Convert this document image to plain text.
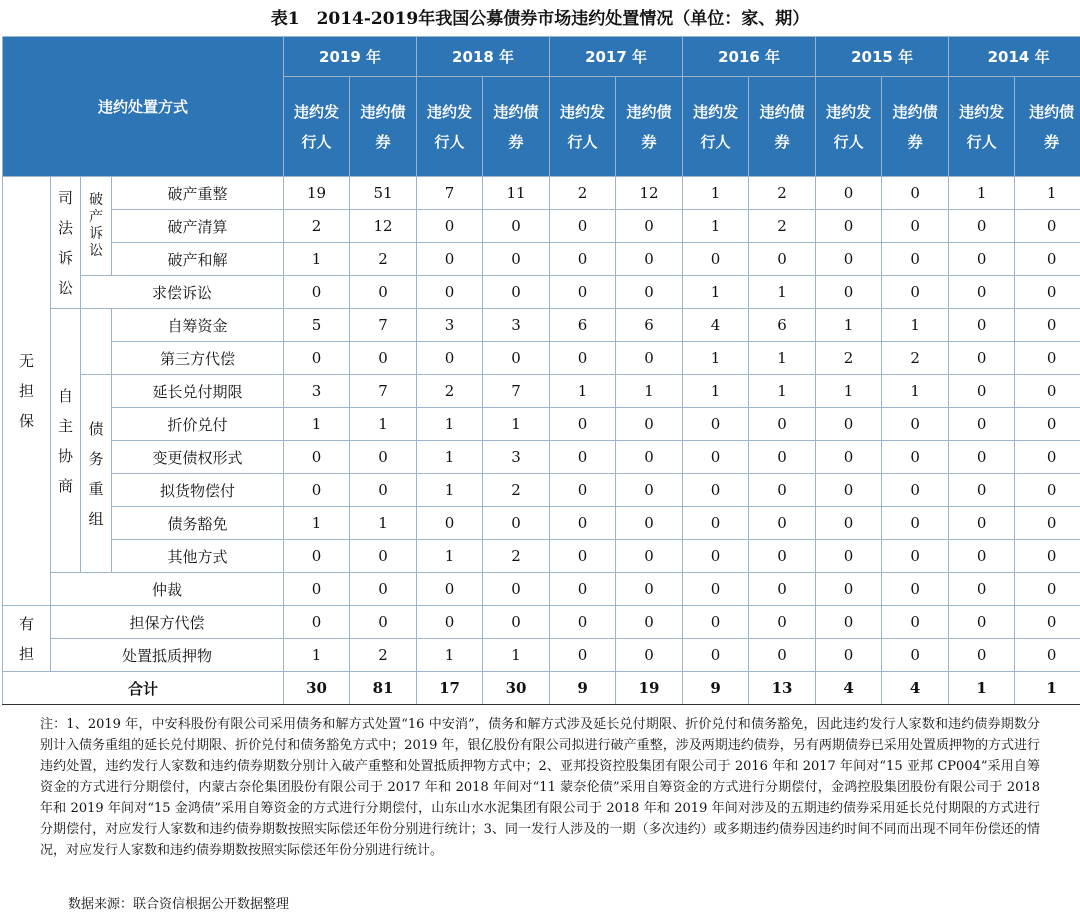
表1　2014-2019年我国公募债券市场违约处置情况（单位：家、期）
违约处置方式				2019 年		2018 年		2017 年		2016 年		2015 年		2014 年	
				违约发行人	违约债券	违约发行人	违约债券	违约发行人	违约债券	违约发行人	违约债券	违约发行人	违约债券	违约发行人	违约债券
无担保	司法诉讼	破产诉讼	破产重整	19	51	7	11	2	12	1	2	0	0	1	1
			破产清算	2	12	0	0	0	0	1	2	0	0	0	0
			破产和解	1	2	0	0	0	0	0	0	0	0	0	0
		求偿诉讼		0	0	0	0	0	0	1	1	0	0	0	0
	自主协商		自筹资金	5	7	3	3	6	6	4	6	1	1	0	0
			第三方代偿	0	0	0	0	0	0	1	1	2	2	0	0
		债务重组	延长兑付期限	3	7	2	7	1	1	1	1	1	1	0	0
			折价兑付	1	1	1	1	0	0	0	0	0	0	0	0
			变更债权形式	0	0	1	3	0	0	0	0	0	0	0	0
			拟货物偿付	0	0	1	2	0	0	0	0	0	0	0	0
			债务豁免	1	1	0	0	0	0	0	0	0	0	0	0
			其他方式	0	0	1	2	0	0	0	0	0	0	0	0
	仲裁			0	0	0	0	0	0	0	0	0	0	0	0
有担	担保方代偿			0	0	0	0	0	0	0	0	0	0	0	0
	处置抵质押物			1	2	1	1	0	0	0	0	0	0	0	0
合计				30	81	17	30	9	19	9	13	4	4	1	1
注：1、2019 年，中安科股份有限公司采用债务和解方式处置“16 中安消”，债务和解方式涉及延长兑付期限、折价兑付和债务豁免，因此违约发行人家数和违约债券期数分别计入债务重组的延长兑付期限、折价兑付和债务豁免方式中；2019 年，银亿股份有限公司拟进行破产重整，涉及两期违约债券，另有两期债券已采用处置质押物的方式进行违约处置，违约发行人家数和违约债券期数分别计入破产重整和处置抵质押物方式中；2、亚邦投资控股集团有限公司于 2016 年和 2017 年间对“15 亚邦 CP004”采用自筹资金的方式进行分期偿付，内蒙古奈伦集团股份有限公司于 2017 年和 2018 年间对“11 蒙奈伦债”采用自筹资金的方式进行分期偿付，金鸿控股集团股份有限公司于 2018 年和 2019 年间对“15 金鸿债”采用自筹资金的方式进行分期偿付，山东山水水泥集团有限公司于 2018 年和 2019 年间对涉及的五期违约债券采用延长兑付期限的方式进行分期偿付，对应发行人家数和违约债券期数按照实际偿还年份分别进行统计；3、同一发行人涉及的一期（多次违约）或多期违约债券因违约时间不同而出现不同年份偿还的情况，对应发行人家数和违约债券期数按照实际偿还年份分别进行统计。
数据来源：联合资信根据公开数据整理
